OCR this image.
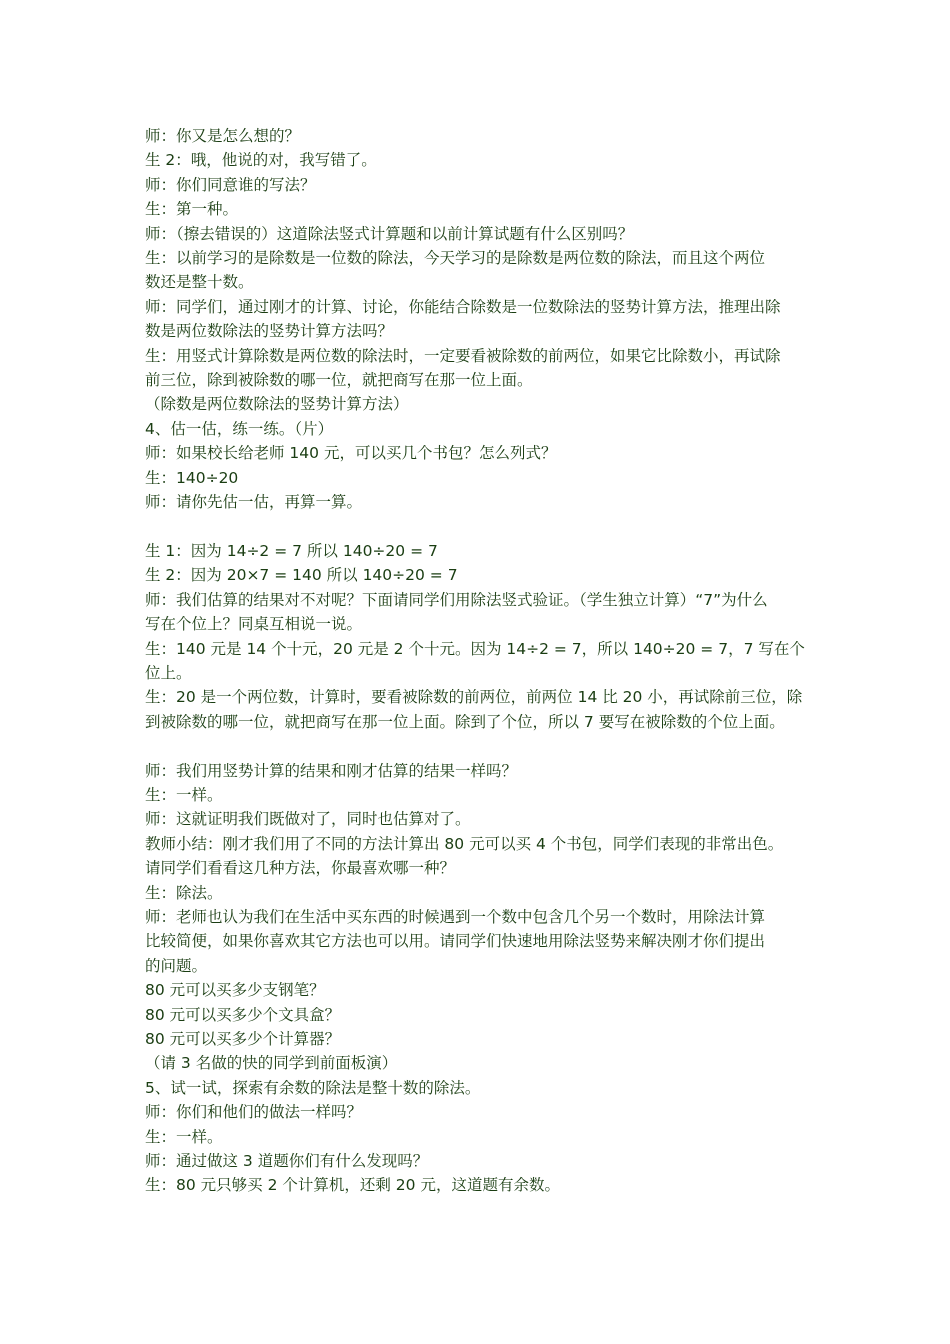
师：你又是怎么想的？
生 2：哦，他说的对，我写错了。
师：你们同意谁的写法？
生：第一种。
师：（擦去错误的）这道除法竖式计算题和以前计算试题有什么区别吗？
生：以前学习的是除数是一位数的除法，今天学习的是除数是两位数的除法，而且这个两位
数还是整十数。
师：同学们，通过刚才的计算、讨论，你能结合除数是一位数除法的竖势计算方法，推理出除
数是两位数除法的竖势计算方法吗？
生：用竖式计算除数是两位数的除法时，一定要看被除数的前两位，如果它比除数小，再试除
前三位，除到被除数的哪一位，就把商写在那一位上面。
（除数是两位数除法的竖势计算方法）
4、估一估，练一练。（片）
师：如果校长给老师 140 元，可以买几个书包？怎么列式？
生：140÷20
师：请你先估一估，再算一算。
生 1：因为 14÷2 = 7 所以 140÷20 = 7
生 2：因为 20×7 = 140 所以 140÷20 = 7
师：我们估算的结果对不对呢？下面请同学们用除法竖式验证。（学生独立计算）“7”为什么
写在个位上？同桌互相说一说。
生：140 元是 14 个十元，20 元是 2 个十元。因为 14÷2 = 7，所以 140÷20 = 7，7 写在个
位上。
生：20 是一个两位数，计算时，要看被除数的前两位，前两位 14 比 20 小，再试除前三位，除
到被除数的哪一位，就把商写在那一位上面。除到了个位，所以 7 要写在被除数的个位上面。
师：我们用竖势计算的结果和刚才估算的结果一样吗？
生：一样。
师：这就证明我们既做对了，同时也估算对了。
教师小结：刚才我们用了不同的方法计算出 80 元可以买 4 个书包，同学们表现的非常出色。
请同学们看看这几种方法，你最喜欢哪一种？
生：除法。
师：老师也认为我们在生活中买东西的时候遇到一个数中包含几个另一个数时，用除法计算
比较简便，如果你喜欢其它方法也可以用。请同学们快速地用除法竖势来解决刚才你们提出
的问题。
80 元可以买多少支钢笔？
80 元可以买多少个文具盒？
80 元可以买多少个计算器？
（请 3 名做的快的同学到前面板演）
5、试一试，探索有余数的除法是整十数的除法。
师：你们和他们的做法一样吗？
生：一样。
师：通过做这 3 道题你们有什么发现吗？
生：80 元只够买 2 个计算机，还剩 20 元，这道题有余数。
